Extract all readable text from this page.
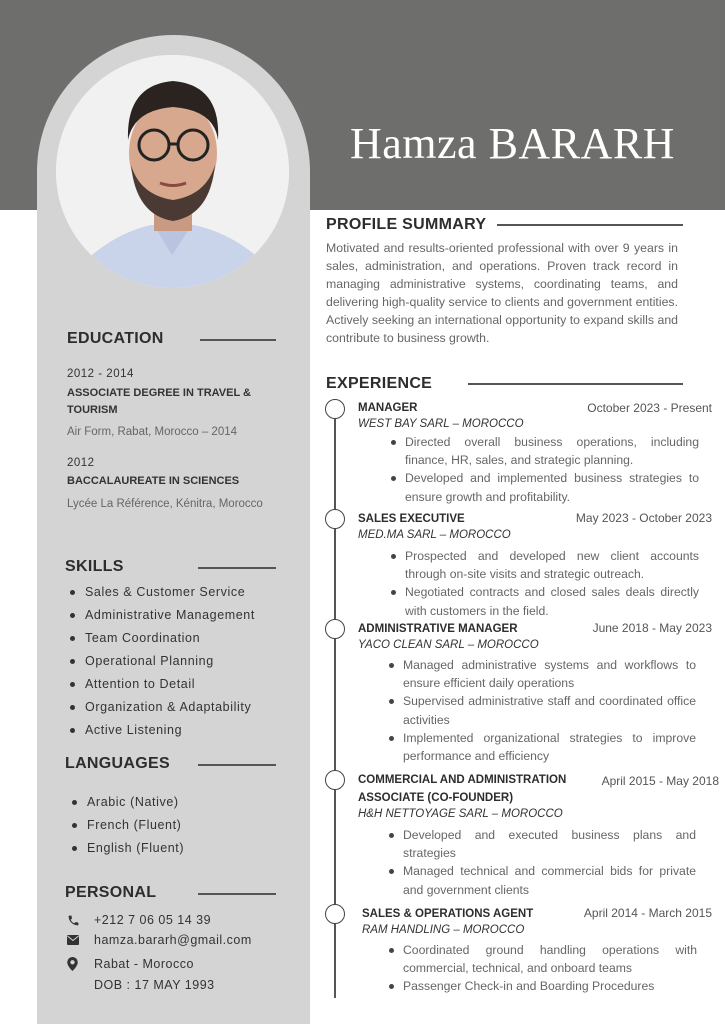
Hamza BARARH
EDUCATION
2012 - 2014
ASSOCIATE DEGREE IN TRAVEL & TOURISM
Air Form, Rabat, Morocco – 2014
2012
BACCALAUREATE IN SCIENCES
Lycée La Référence, Kénitra, Morocco
SKILLS
Sales & Customer Service
Administrative Management
Team Coordination
Operational Planning
Attention to Detail
Organization & Adaptability
Active Listening
LANGUAGES
Arabic (Native)
French (Fluent)
English (Fluent)
PERSONAL
+212 7 06 05 14 39
hamza.bararh@gmail.com
Rabat - Morocco
DOB : 17 MAY 1993
PROFILE SUMMARY
Motivated and results-oriented professional with over 9 years in sales, administration, and operations. Proven track record in managing administrative systems, coordinating teams, and delivering high-quality service to clients and government entities. Actively seeking an international opportunity to expand skills and contribute to business growth.
EXPERIENCE
MANAGER	October 2023 - Present
WEST BAY SARL – MOROCCO
Directed overall business operations, including finance, HR, sales, and strategic planning.
Developed and implemented business strategies to ensure growth and profitability.
SALES EXECUTIVE	May 2023 - October 2023
MED.MA SARL – MOROCCO
Prospected and developed new client accounts through on-site visits and strategic outreach.
Negotiated contracts and closed sales deals directly with customers in the field.
ADMINISTRATIVE MANAGER	June 2018 - May 2023
YACO CLEAN SARL – MOROCCO
Managed administrative systems and workflows to ensure efficient daily operations
Supervised administrative staff and coordinated office activities
Implemented organizational strategies to improve performance and efficiency
COMMERCIAL AND ADMINISTRATION ASSOCIATE (CO-FOUNDER)
April 2015 - May 2018
H&H NETTOYAGE SARL – MOROCCO
Developed and executed business plans and strategies
Managed technical and commercial bids for private and government clients
SALES & OPERATIONS AGENT	April 2014 - March 2015
RAM HANDLING – MOROCCO
Coordinated ground handling operations with commercial, technical, and onboard teams
Passenger Check-in and Boarding Procedures
